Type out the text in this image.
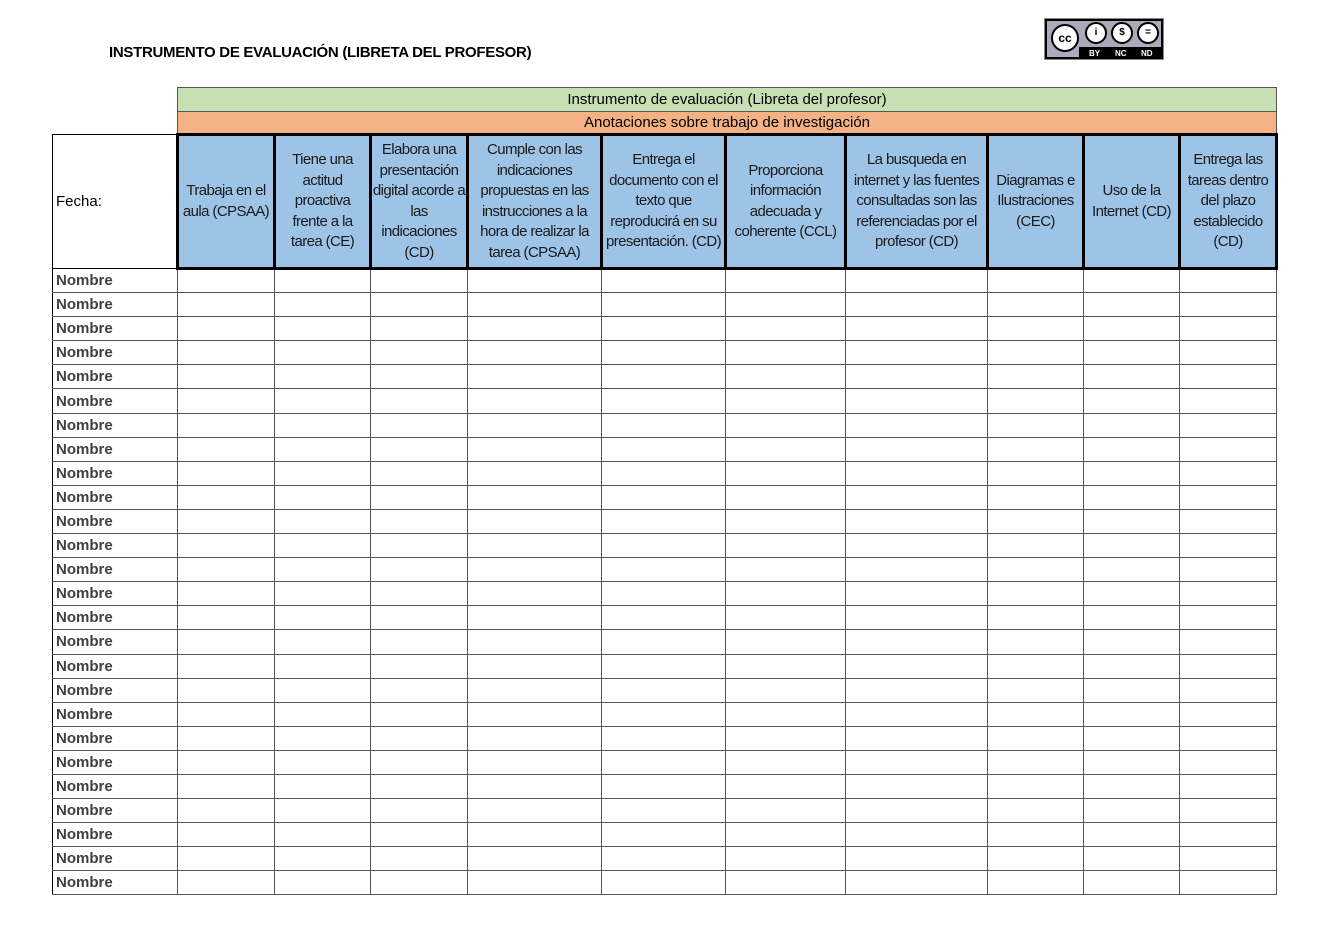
INSTRUMENTO DE EVALUACIÓN (LIBRETA DEL PROFESOR)
cc	i	$	=
BY NC ND
	Instrumento de evaluación (Libreta del profesor)									
	Anotaciones sobre trabajo de investigación									
Fecha:	Trabaja en el aula (CPSAA)	Tiene una actitud proactiva frente a la tarea (CE)	Elabora una presentación digital acorde a las indicaciones (CD)	Cumple con las indicaciones propuestas en las instrucciones a la hora de realizar la tarea (CPSAA)	Entrega el documento con el texto que reproducirá en su presentación. (CD)	Proporciona información adecuada y coherente (CCL)	La busqueda en internet y las fuentes consultadas son las referenciadas por el profesor (CD)	Diagramas e Ilustraciones (CEC)	Uso de la Internet (CD)	Entrega las tareas dentro del plazo establecido (CD)
Nombre										
Nombre										
Nombre										
Nombre										
Nombre										
Nombre										
Nombre										
Nombre										
Nombre										
Nombre										
Nombre										
Nombre										
Nombre										
Nombre										
Nombre										
Nombre										
Nombre										
Nombre										
Nombre										
Nombre										
Nombre										
Nombre										
Nombre										
Nombre										
Nombre										
Nombre										
